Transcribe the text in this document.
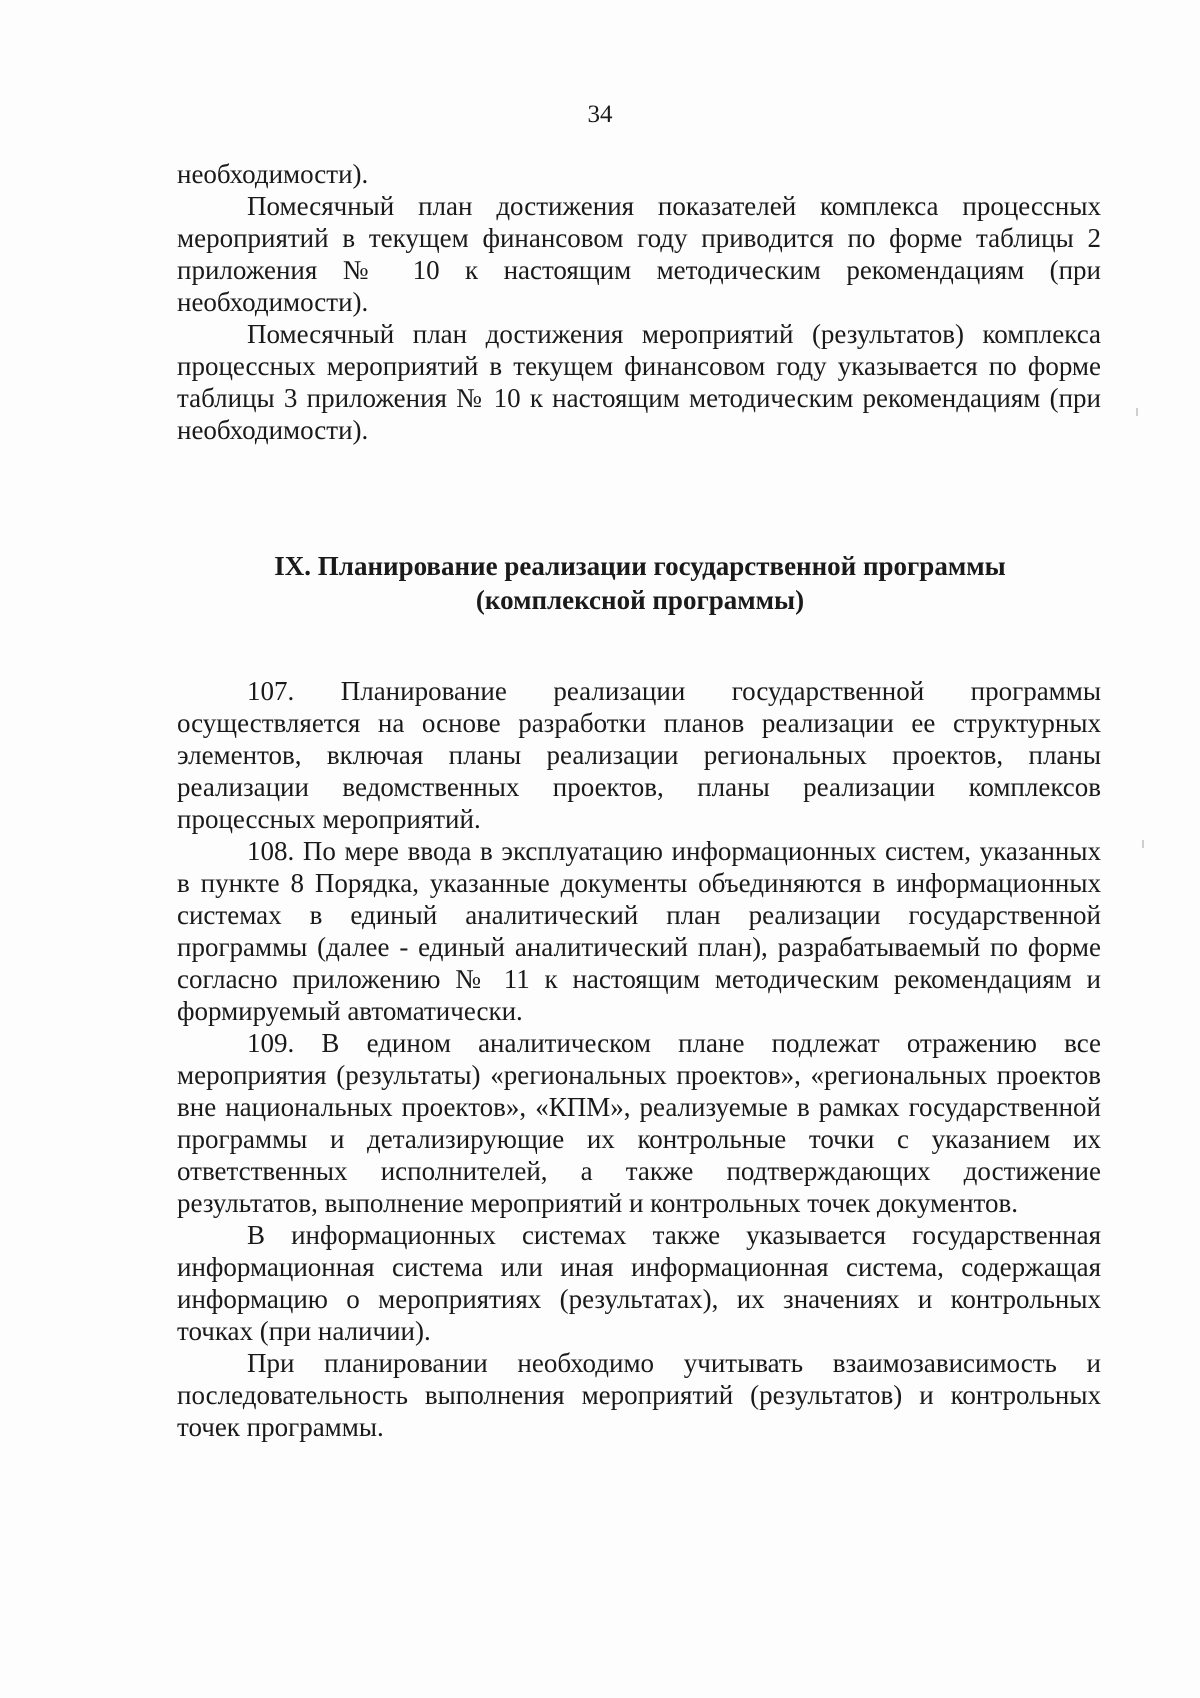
34

необходимости).

Помесячный план достижения показателей комплекса процессных мероприятий в текущем финансовом году приводится по форме таблицы 2 приложения № 10 к настоящим методическим рекомендациям (при необходимости).

Помесячный план достижения мероприятий (результатов) комплекса процессных мероприятий в текущем финансовом году указывается по форме таблицы 3 приложения № 10 к настоящим методическим рекомендациям (при необходимости).

IX. Планирование реализации государственной программы
(комплексной программы)

107. Планирование реализации государственной программы осуществляется на основе разработки планов реализации ее структурных элементов, включая планы реализации региональных проектов, планы реализации ведомственных проектов, планы реализации комплексов процессных мероприятий.

108. По мере ввода в эксплуатацию информационных систем, указанных в пункте 8 Порядка, указанные документы объединяются в информационных системах в единый аналитический план реализации государственной программы (далее - единый аналитический план), разрабатываемый по форме согласно приложению № 11 к настоящим методическим рекомендациям и формируемый автоматически.

109. В едином аналитическом плане подлежат отражению все мероприятия (результаты) «региональных проектов», «региональных проектов вне национальных проектов», «КПМ», реализуемые в рамках государственной программы и детализирующие их контрольные точки с указанием их ответственных исполнителей, а также подтверждающих достижение результатов, выполнение мероприятий и контрольных точек документов.

В информационных системах также указывается государственная информационная система или иная информационная система, содержащая информацию о мероприятиях (результатах), их значениях и контрольных точках (при наличии).

При планировании необходимо учитывать взаимозависимость и последовательность выполнения мероприятий (результатов) и контрольных точек программы.
